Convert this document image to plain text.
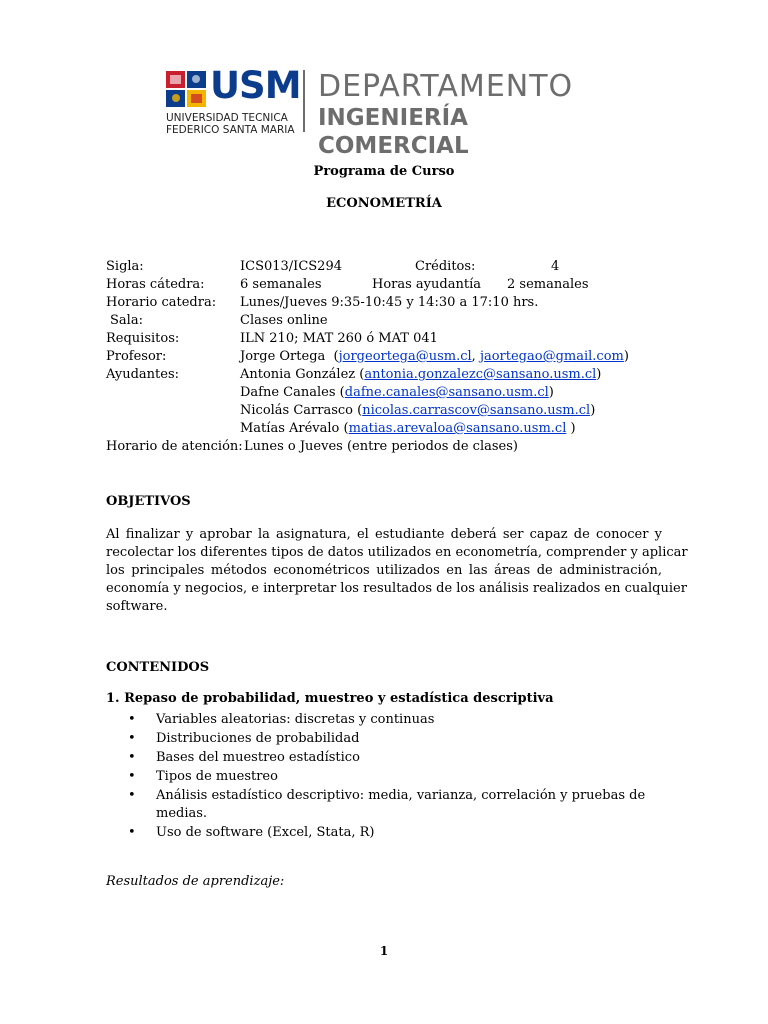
USM
UNIVERSIDAD TECNICA
FEDERICO SANTA MARIA
DEPARTAMENTO
INGENIERÍA COMERCIAL
Programa de Curso
ECONOMETRÍA
Sigla:	ICS013/ICS294	Créditos:	4
Horas cátedra:	6 semanales	Horas ayudantía 2 semanales
Horario catedra: Lunes/Jueves 9:35-10:45 y 14:30 a 17:10 hrs.
Sala:	Clases online
Requisitos:	ILN 210; MAT 260 ó MAT 041
Profesor:	Jorge Ortega  (jorgeortega@usm.cl, jaortegao@gmail.com)
Ayudantes:	Antonia González (antonia.gonzalezc@sansano.usm.cl)
Dafne Canales (dafne.canales@sansano.usm.cl)
Nicolás Carrasco (nicolas.carrascov@sansano.usm.cl)
Matías Arévalo (matias.arevaloa@sansano.usm.cl )
Horario de atención: Lunes o Jueves (entre periodos de clases)
OBJETIVOS
Al finalizar y aprobar la asignatura, el estudiante deberá ser capaz de conocer y
recolectar los diferentes tipos de datos utilizados en econometría, comprender y aplicar
los principales métodos econométricos utilizados en las áreas de administración,
economía y negocios, e interpretar los resultados de los análisis realizados en cualquier
software.
CONTENIDOS
1. Repaso de probabilidad, muestreo y estadística descriptiva
• Variables aleatorias: discretas y continuas
• Distribuciones de probabilidad
• Bases del muestreo estadístico
• Tipos de muestreo
• Análisis estadístico descriptivo: media, varianza, correlación y pruebas de
medias.
• Uso de software (Excel, Stata, R)
Resultados de aprendizaje:
1
